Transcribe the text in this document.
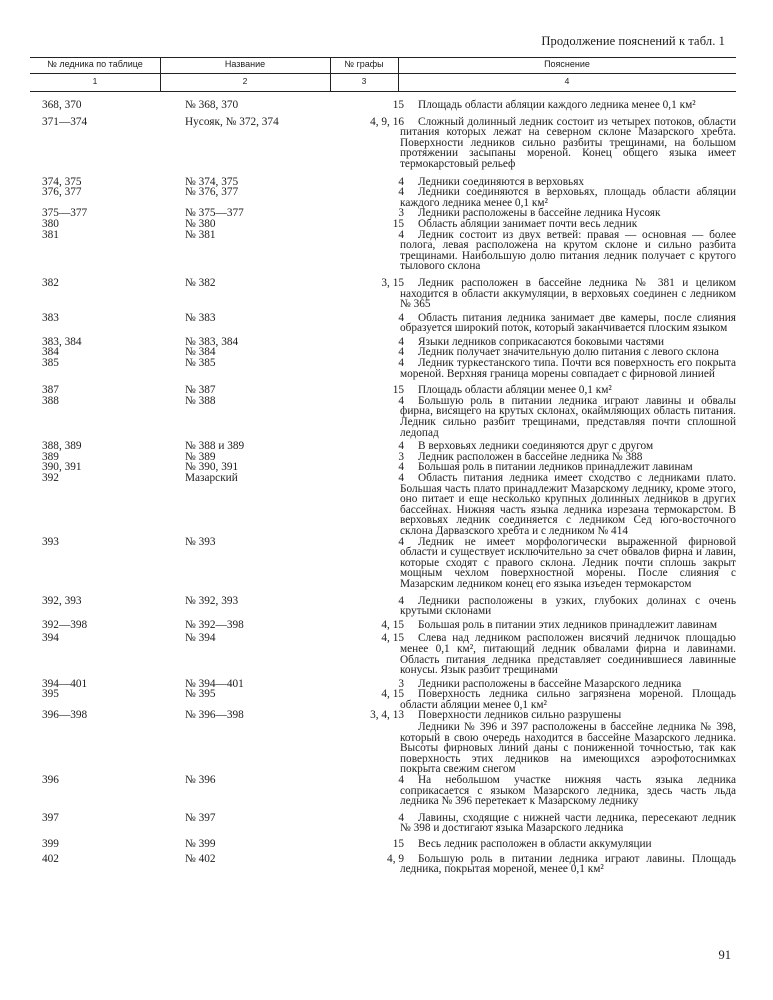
Продолжение пояснений к табл. 1
№ ледника по таблице	Название	№ графы	Пояснение
1	2	3	4
368, 370	№ 368, 370	15	Площадь области абляции каждого ледника менее 0,1 км²
371—374	Нусояк, № 372, 374	4, 9, 16	Сложный долинный ледник состоит из четырех потоков, области питания которых лежат на северном склоне Мазарского хребта. Поверхности ледников сильно разбиты трещинами, на большом протяжении засыпаны мореной. Конец общего языка имеет термокарстовый рельеф
374, 375	№ 374, 375	4	Ледники соединяются в верховьях
376, 377	№ 376, 377	4	Ледники соединяются в верховьях, площадь области абляции каждого ледника менее 0,1 км²
375—377	№ 375—377	3	Ледники расположены в бассейне ледника Нусояк
380	№ 380	15	Область абляции занимает почти весь ледник
381	№ 381	4	Ледник состоит из двух ветвей: правая — основная — более полога, левая расположена на крутом склоне и сильно разбита трещинами. Наибольшую долю питания ледник получает с крутого тылового склона
382	№ 382	3, 15	Ледник расположен в бассейне ледника № 381 и целиком находится в области аккумуляции, в верховьях соединен с ледником № 365
383	№ 383	4	Область питания ледника занимает две камеры, после слияния образуется широкий поток, который заканчивается плоским языком
383, 384	№ 383, 384	4	Языки ледников соприкасаются боковыми частями
384	№ 384	4	Ледник получает значительную долю питания с левого склона
385	№ 385	4	Ледник туркестанского типа. Почти вся поверхность его покрыта мореной. Верхняя граница морены совпадает с фирновой линией
387	№ 387	15	Площадь области абляции менее 0,1 км²
388	№ 388	4	Большую роль в питании ледника играют лавины и обвалы фирна, висящего на крутых склонах, окаймляющих область питания. Ледник сильно разбит трещинами, представляя почти сплошной ледопад
388, 389	№ 388 и 389	4	В верховьях ледники соединяются друг с другом
389	№ 389	3	Ледник расположен в бассейне ледника № 388
390, 391	№ 390, 391	4	Большая роль в питании ледников принадлежит лавинам
392	Мазарский	4	Область питания ледника имеет сходство с ледниками плато. Большая часть плато принадлежит Мазарскому леднику, кроме этого, оно питает и еще несколько крупных долинных ледников в других бассейнах. Нижняя часть языка ледника изрезана термокарстом. В верховьях ледник соединяется с ледником Сед юго-восточного склона Дарвазского хребта и с ледником № 414
393	№ 393	4	Ледник не имеет морфологически выраженной фирновой области и существует исключительно за счет обвалов фирна и лавин, которые сходят с правого склона. Ледник почти сплошь закрыт мощным чехлом поверхностной морены. После слияния с Мазарским ледником конец его языка изъеден термокарстом
392, 393	№ 392, 393	4	Ледники расположены в узких, глубоких долинах с очень крутыми склонами
392—398	№ 392—398	4, 15	Большая роль в питании этих ледников принадлежит лавинам
394	№ 394	4, 15	Слева над ледником расположен висячий ледничок площадью менее 0,1 км², питающий ледник обвалами фирна и лавинами. Область питания ледника представляет соединившиеся лавинные конусы. Язык разбит трещинами
394—401	№ 394—401	3	Ледники расположены в бассейне Мазарского ледника
395	№ 395	4, 15	Поверхность ледника сильно загрязнена мореной. Площадь области абляции менее 0,1 км²
396—398	№ 396—398	3, 4, 13	Поверхности ледников сильно разрушены
Ледники № 396 и 397 расположены в бассейне ледника № 398, который в свою очередь находится в бассейне Мазарского ледника. Высоты фирновых линий даны с пониженной точностью, так как поверхность этих ледников на имеющихся аэрофотоснимках покрыта свежим снегом
396	№ 396	4	На небольшом участке нижняя часть языка ледника соприкасается с языком Мазарского ледника, здесь часть льда ледника № 396 перетекает к Мазарскому леднику
397	№ 397	4	Лавины, сходящие с нижней части ледника, пересекают ледник № 398 и достигают языка Мазарского ледника
399	№ 399	15	Весь ледник расположен в области аккумуляции
402	№ 402	4, 9	Большую роль в питании ледника играют лавины. Площадь ледника, покрытая мореной, менее 0,1 км²
91
